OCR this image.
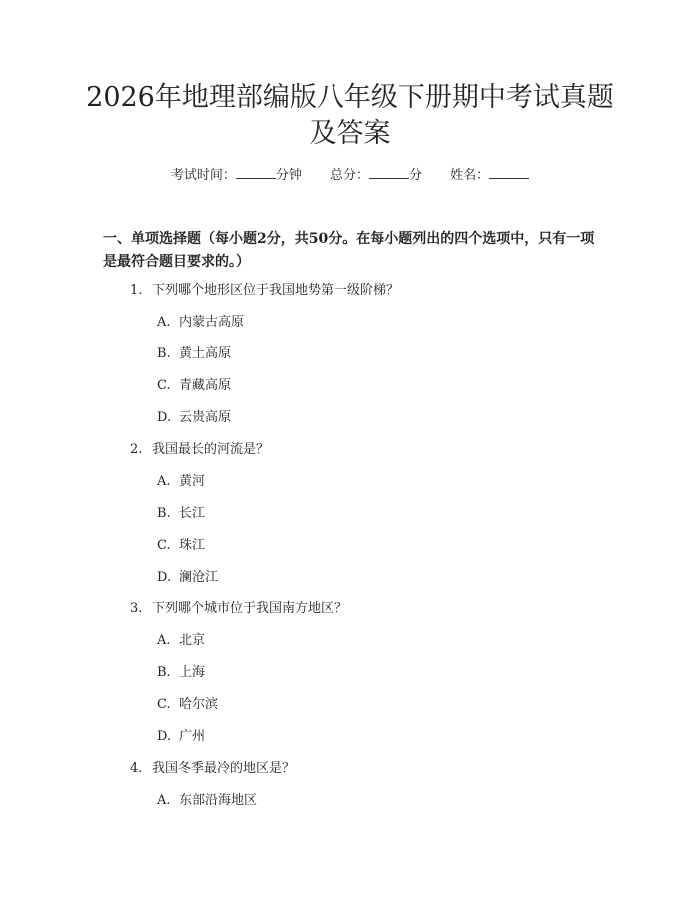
2026年地理部编版八年级下册期中考试真题及答案
考试时间：	分钟 总分：	分 姓名：

一、单项选择题（每小题2分，共50分。在每小题列出的四个选项中，只有一项是最符合题目要求的。）

1. 下列哪个地形区位于我国地势第一级阶梯？
A. 内蒙古高原
B. 黄土高原
C. 青藏高原
D. 云贵高原
2. 我国最长的河流是？
A. 黄河
B. 长江
C. 珠江
D. 澜沧江
3. 下列哪个城市位于我国南方地区？
A. 北京
B. 上海
C. 哈尔滨
D. 广州
4. 我国冬季最冷的地区是？
A. 东部沿海地区
